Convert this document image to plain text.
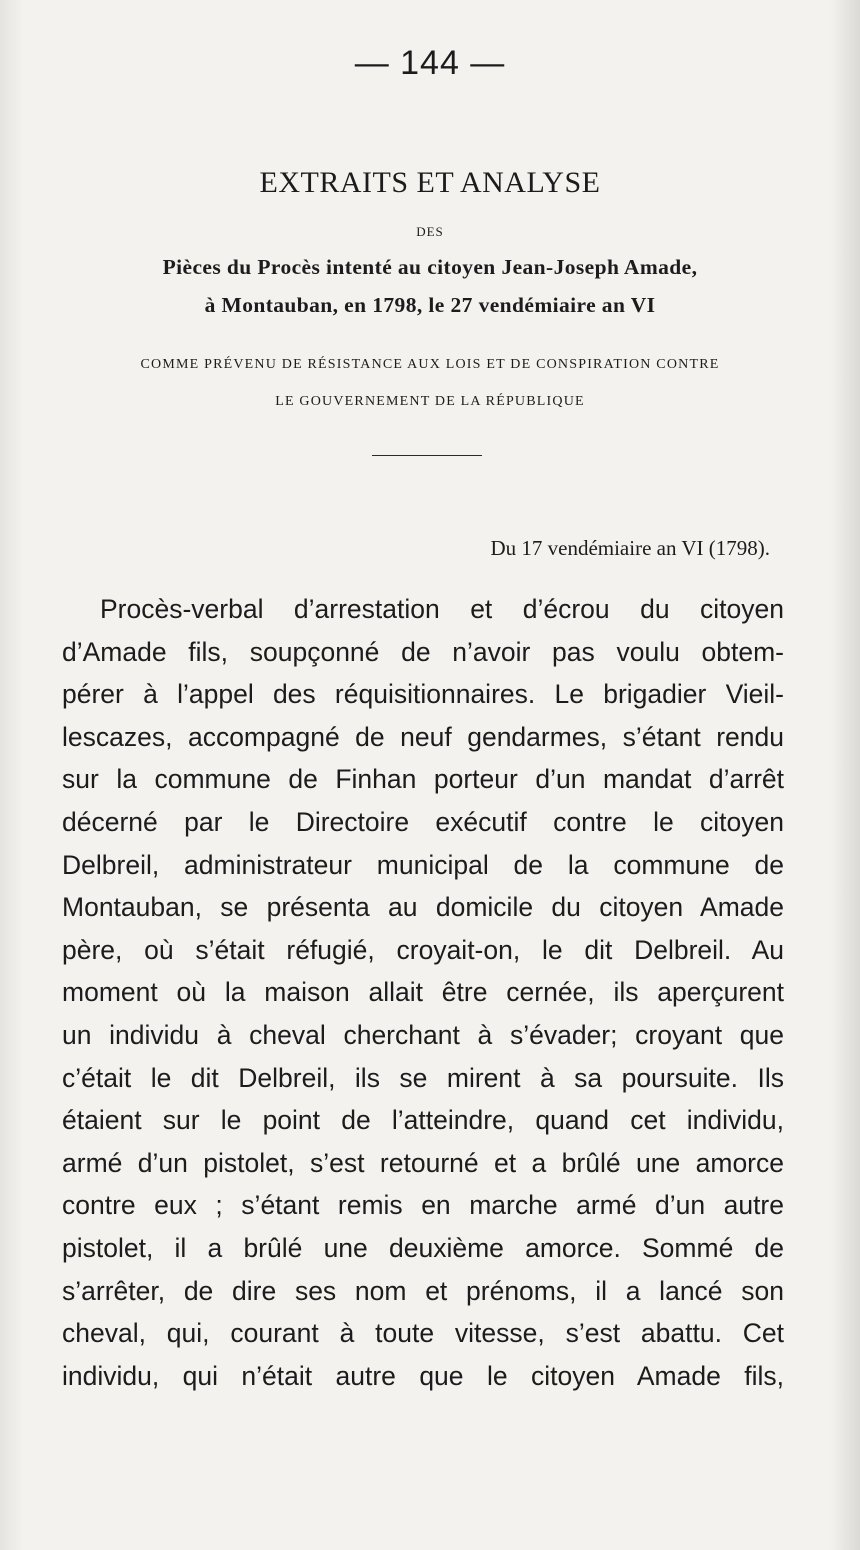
— 144 —
EXTRAITS ET ANALYSE
DES
Pièces du Procès intenté au citoyen Jean-Joseph Amade,
à Montauban, en 1798, le 27 vendémiaire an VI
COMME PRÉVENU DE RÉSISTANCE AUX LOIS ET DE CONSPIRATION CONTRE
LE GOUVERNEMENT DE LA RÉPUBLIQUE
Du 17 vendémiaire an VI (1798).
Procès-verbal d’arrestation et d’écrou du citoyen
d’Amade fils, soupçonné de n’avoir pas voulu obtem-
pérer à l’appel des réquisitionnaires. Le brigadier Vieil-
lescazes, accompagné de neuf gendarmes, s’étant rendu
sur la commune de Finhan porteur d’un mandat d’arrêt
décerné par le Directoire exécutif contre le citoyen
Delbreil, administrateur municipal de la commune de
Montauban, se présenta au domicile du citoyen Amade
père, où s’était réfugié, croyait-on, le dit Delbreil. Au
moment où la maison allait être cernée, ils aperçurent
un individu à cheval cherchant à s’évader; croyant que
c’était le dit Delbreil, ils se mirent à sa poursuite. Ils
étaient sur le point de l’atteindre, quand cet individu,
armé d’un pistolet, s’est retourné et a brûlé une amorce
contre eux ; s’étant remis en marche armé d’un autre
pistolet, il a brûlé une deuxième amorce. Sommé de
s’arrêter, de dire ses nom et prénoms, il a lancé son
cheval, qui, courant à toute vitesse, s’est abattu. Cet
individu, qui n’était autre que le citoyen Amade fils,
